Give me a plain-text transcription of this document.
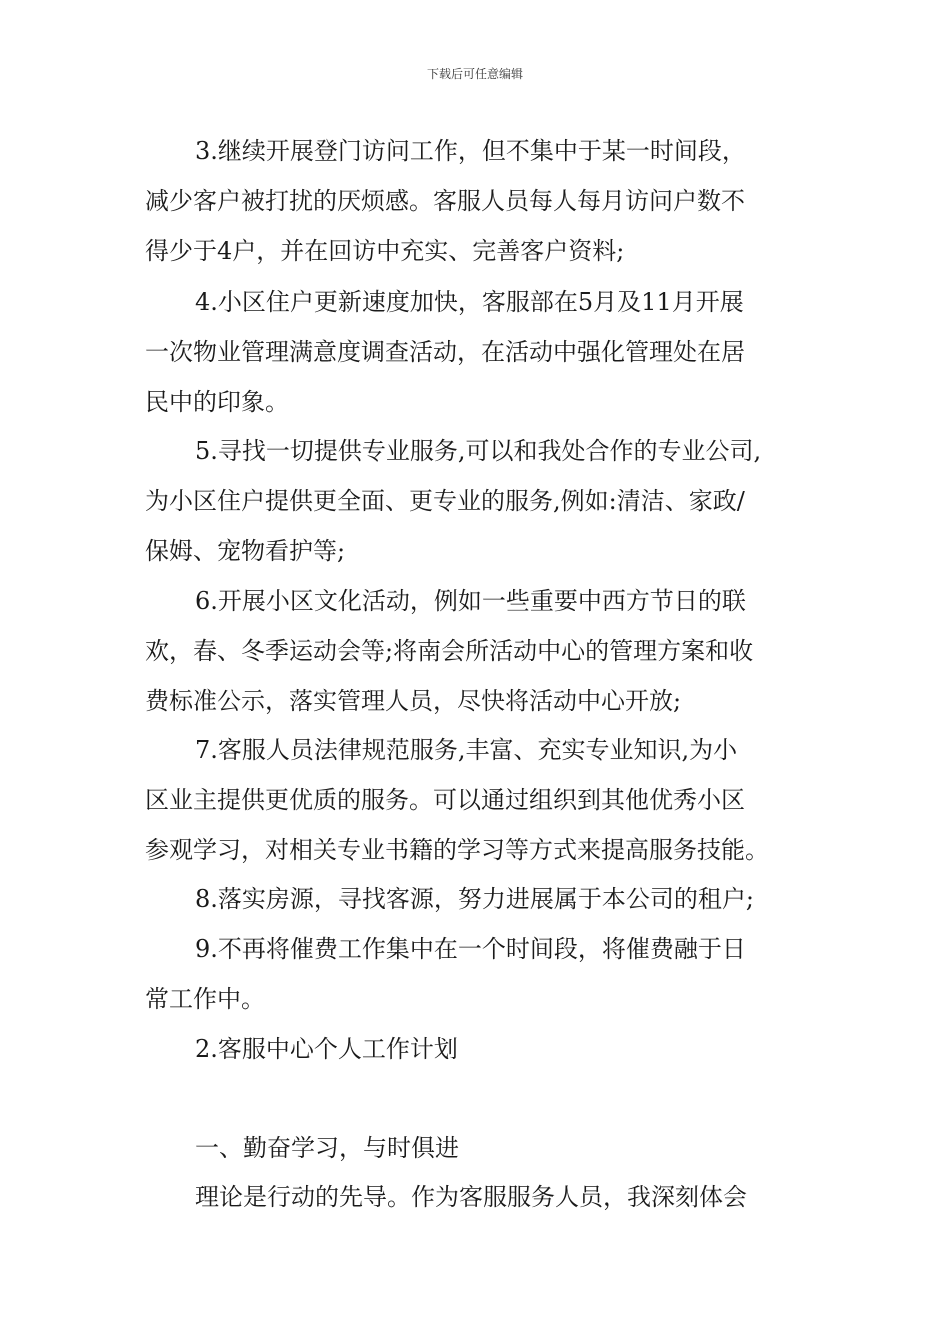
下载后可任意编辑
3.继续开展登门访问工作，但不集中于某一时间段，
减少客户被打扰的厌烦感。客服人员每人每月访问户数不
得少于4户，并在回访中充实、完善客户资料;
4.小区住户更新速度加快，客服部在5月及11月开展
一次物业管理满意度调查活动，在活动中强化管理处在居
民中的印象。
5.寻找一切提供专业服务,可以和我处合作的专业公司,
为小区住户提供更全面、更专业的服务,例如:清洁、家政/
保姆、宠物看护等;
6.开展小区文化活动，例如一些重要中西方节日的联
欢，春、冬季运动会等;将南会所活动中心的管理方案和收
费标准公示，落实管理人员，尽快将活动中心开放;
7.客服人员法律规范服务,丰富、充实专业知识,为小
区业主提供更优质的服务。可以通过组织到其他优秀小区
参观学习，对相关专业书籍的学习等方式来提高服务技能。
8.落实房源，寻找客源，努力进展属于本公司的租户;
9.不再将催费工作集中在一个时间段，将催费融于日
常工作中。
2.客服中心个人工作计划
一、勤奋学习，与时俱进
理论是行动的先导。作为客服服务人员，我深刻体会
